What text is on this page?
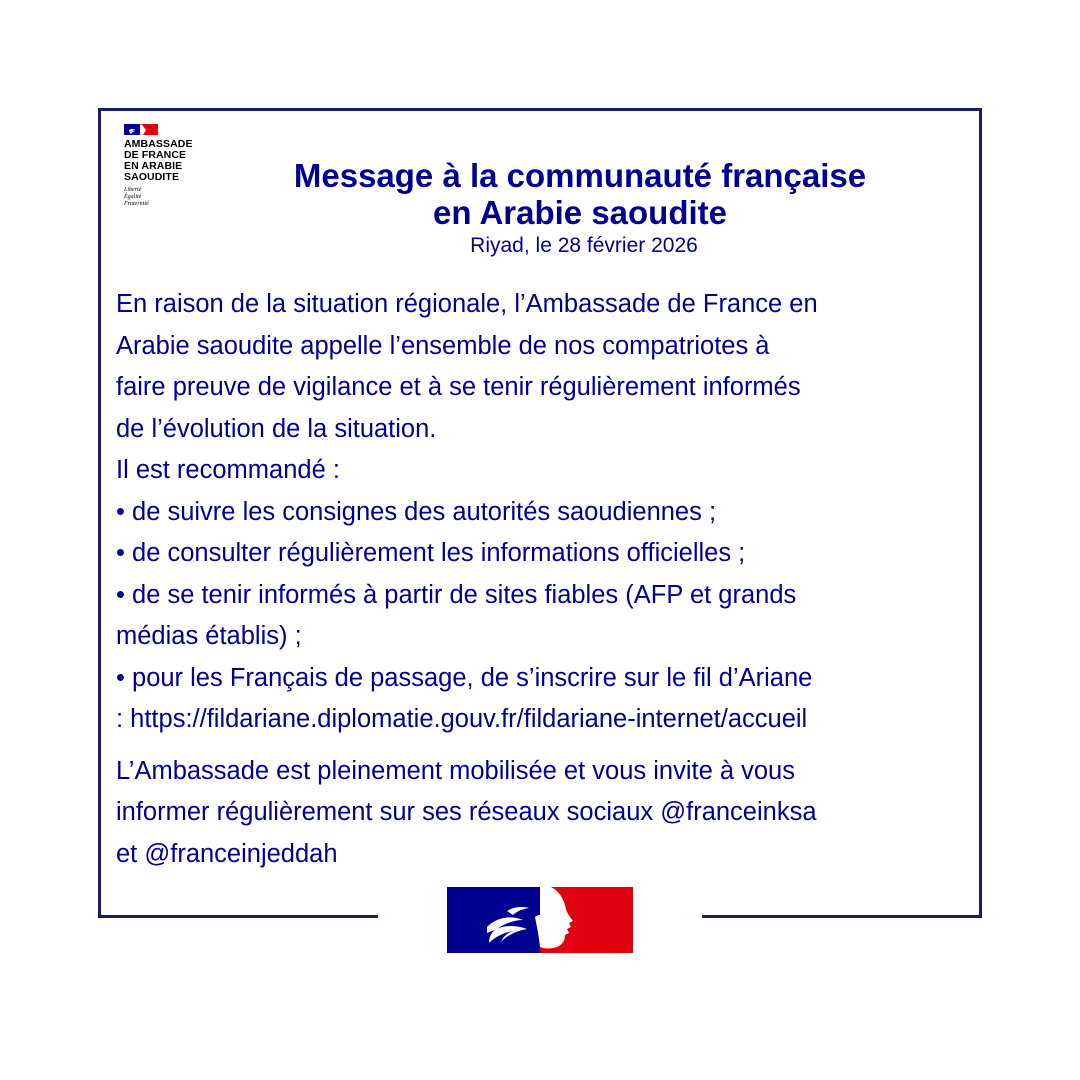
AMBASSADE
DE FRANCE
EN ARABIE
SAOUDITE
Liberté
Égalité
Fraternité
Message à la communauté française
en Arabie saoudite
Riyad, le 28 février 2026

En raison de la situation régionale, l’Ambassade de France en

Arabie saoudite appelle l’ensemble de nos compatriotes à

faire preuve de vigilance et à se tenir régulièrement informés

de l’évolution de la situation.

Il est recommandé :

• de suivre les consignes des autorités saoudiennes ;

• de consulter régulièrement les informations officielles ;

• de se tenir informés à partir de sites fiables (AFP et grands

médias établis) ;

• pour les Français de passage, de s’inscrire sur le fil d’Ariane

: https://fildariane.diplomatie.gouv.fr/fildariane-internet/accueil

L’Ambassade est pleinement mobilisée et vous invite à vous

informer régulièrement sur ses réseaux sociaux @franceinksa

et @franceinjeddah
